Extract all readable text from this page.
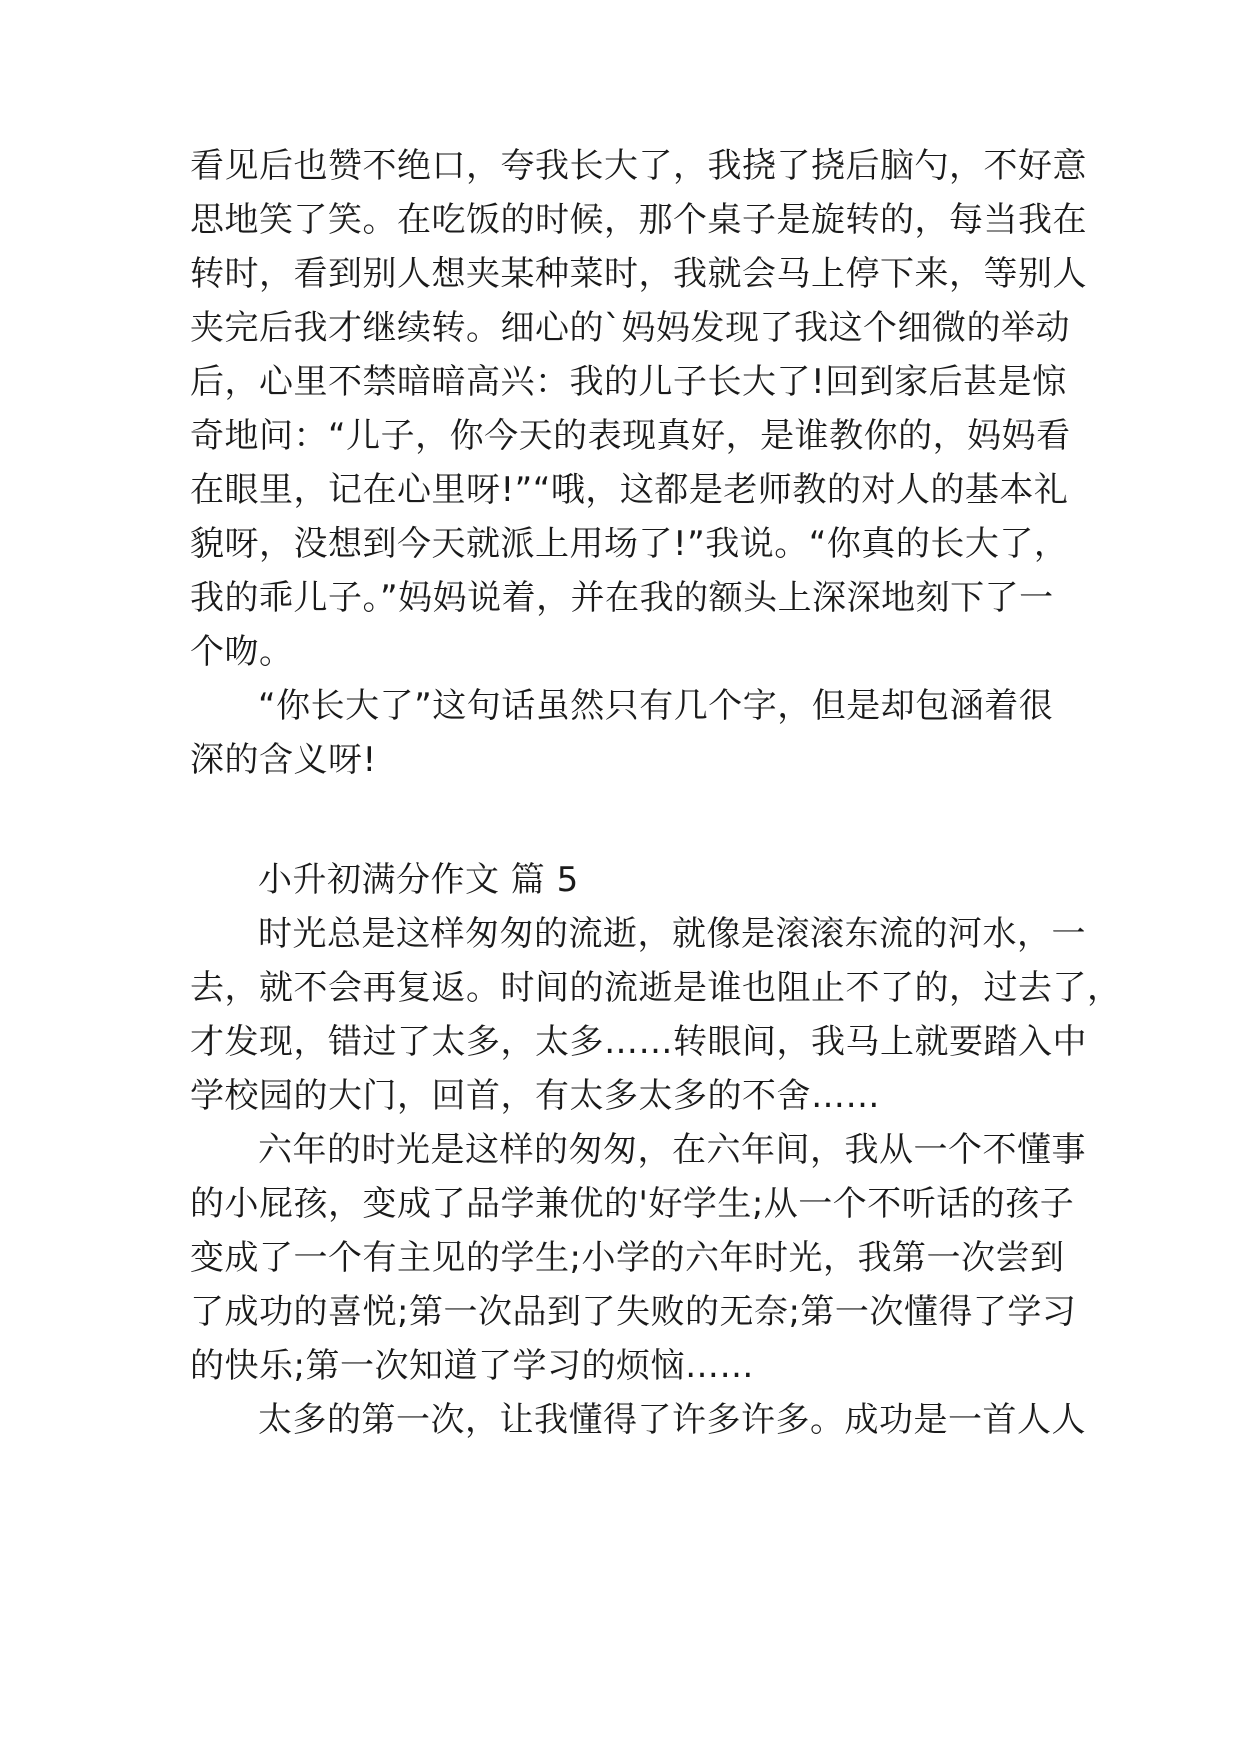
看见后也赞不绝口，夸我长大了，我挠了挠后脑勺，不好意
思地笑了笑。在吃饭的时候，那个桌子是旋转的，每当我在
转时，看到别人想夹某种菜时，我就会马上停下来，等别人
夹完后我才继续转。细心的`妈妈发现了我这个细微的举动
后，心里不禁暗暗高兴：我的儿子长大了!回到家后甚是惊
奇地问：“儿子，你今天的表现真好，是谁教你的，妈妈看
在眼里，记在心里呀!”“哦，这都是老师教的对人的基本礼
貌呀，没想到今天就派上用场了!”我说。“你真的长大了，
我的乖儿子。”妈妈说着，并在我的额头上深深地刻下了一
个吻。
“你长大了”这句话虽然只有几个字，但是却包涵着很
深的含义呀!
小升初满分作文 篇 5
时光总是这样匆匆的流逝，就像是滚滚东流的河水，一
去，就不会再复返。时间的流逝是谁也阻止不了的，过去了，
才发现，错过了太多，太多……转眼间，我马上就要踏入中
学校园的大门，回首，有太多太多的不舍……
六年的时光是这样的匆匆，在六年间，我从一个不懂事
的小屁孩，变成了品学兼优的'好学生;从一个不听话的孩子
变成了一个有主见的学生;小学的六年时光，我第一次尝到
了成功的喜悦;第一次品到了失败的无奈;第一次懂得了学习
的快乐;第一次知道了学习的烦恼……
太多的第一次，让我懂得了许多许多。成功是一首人人
